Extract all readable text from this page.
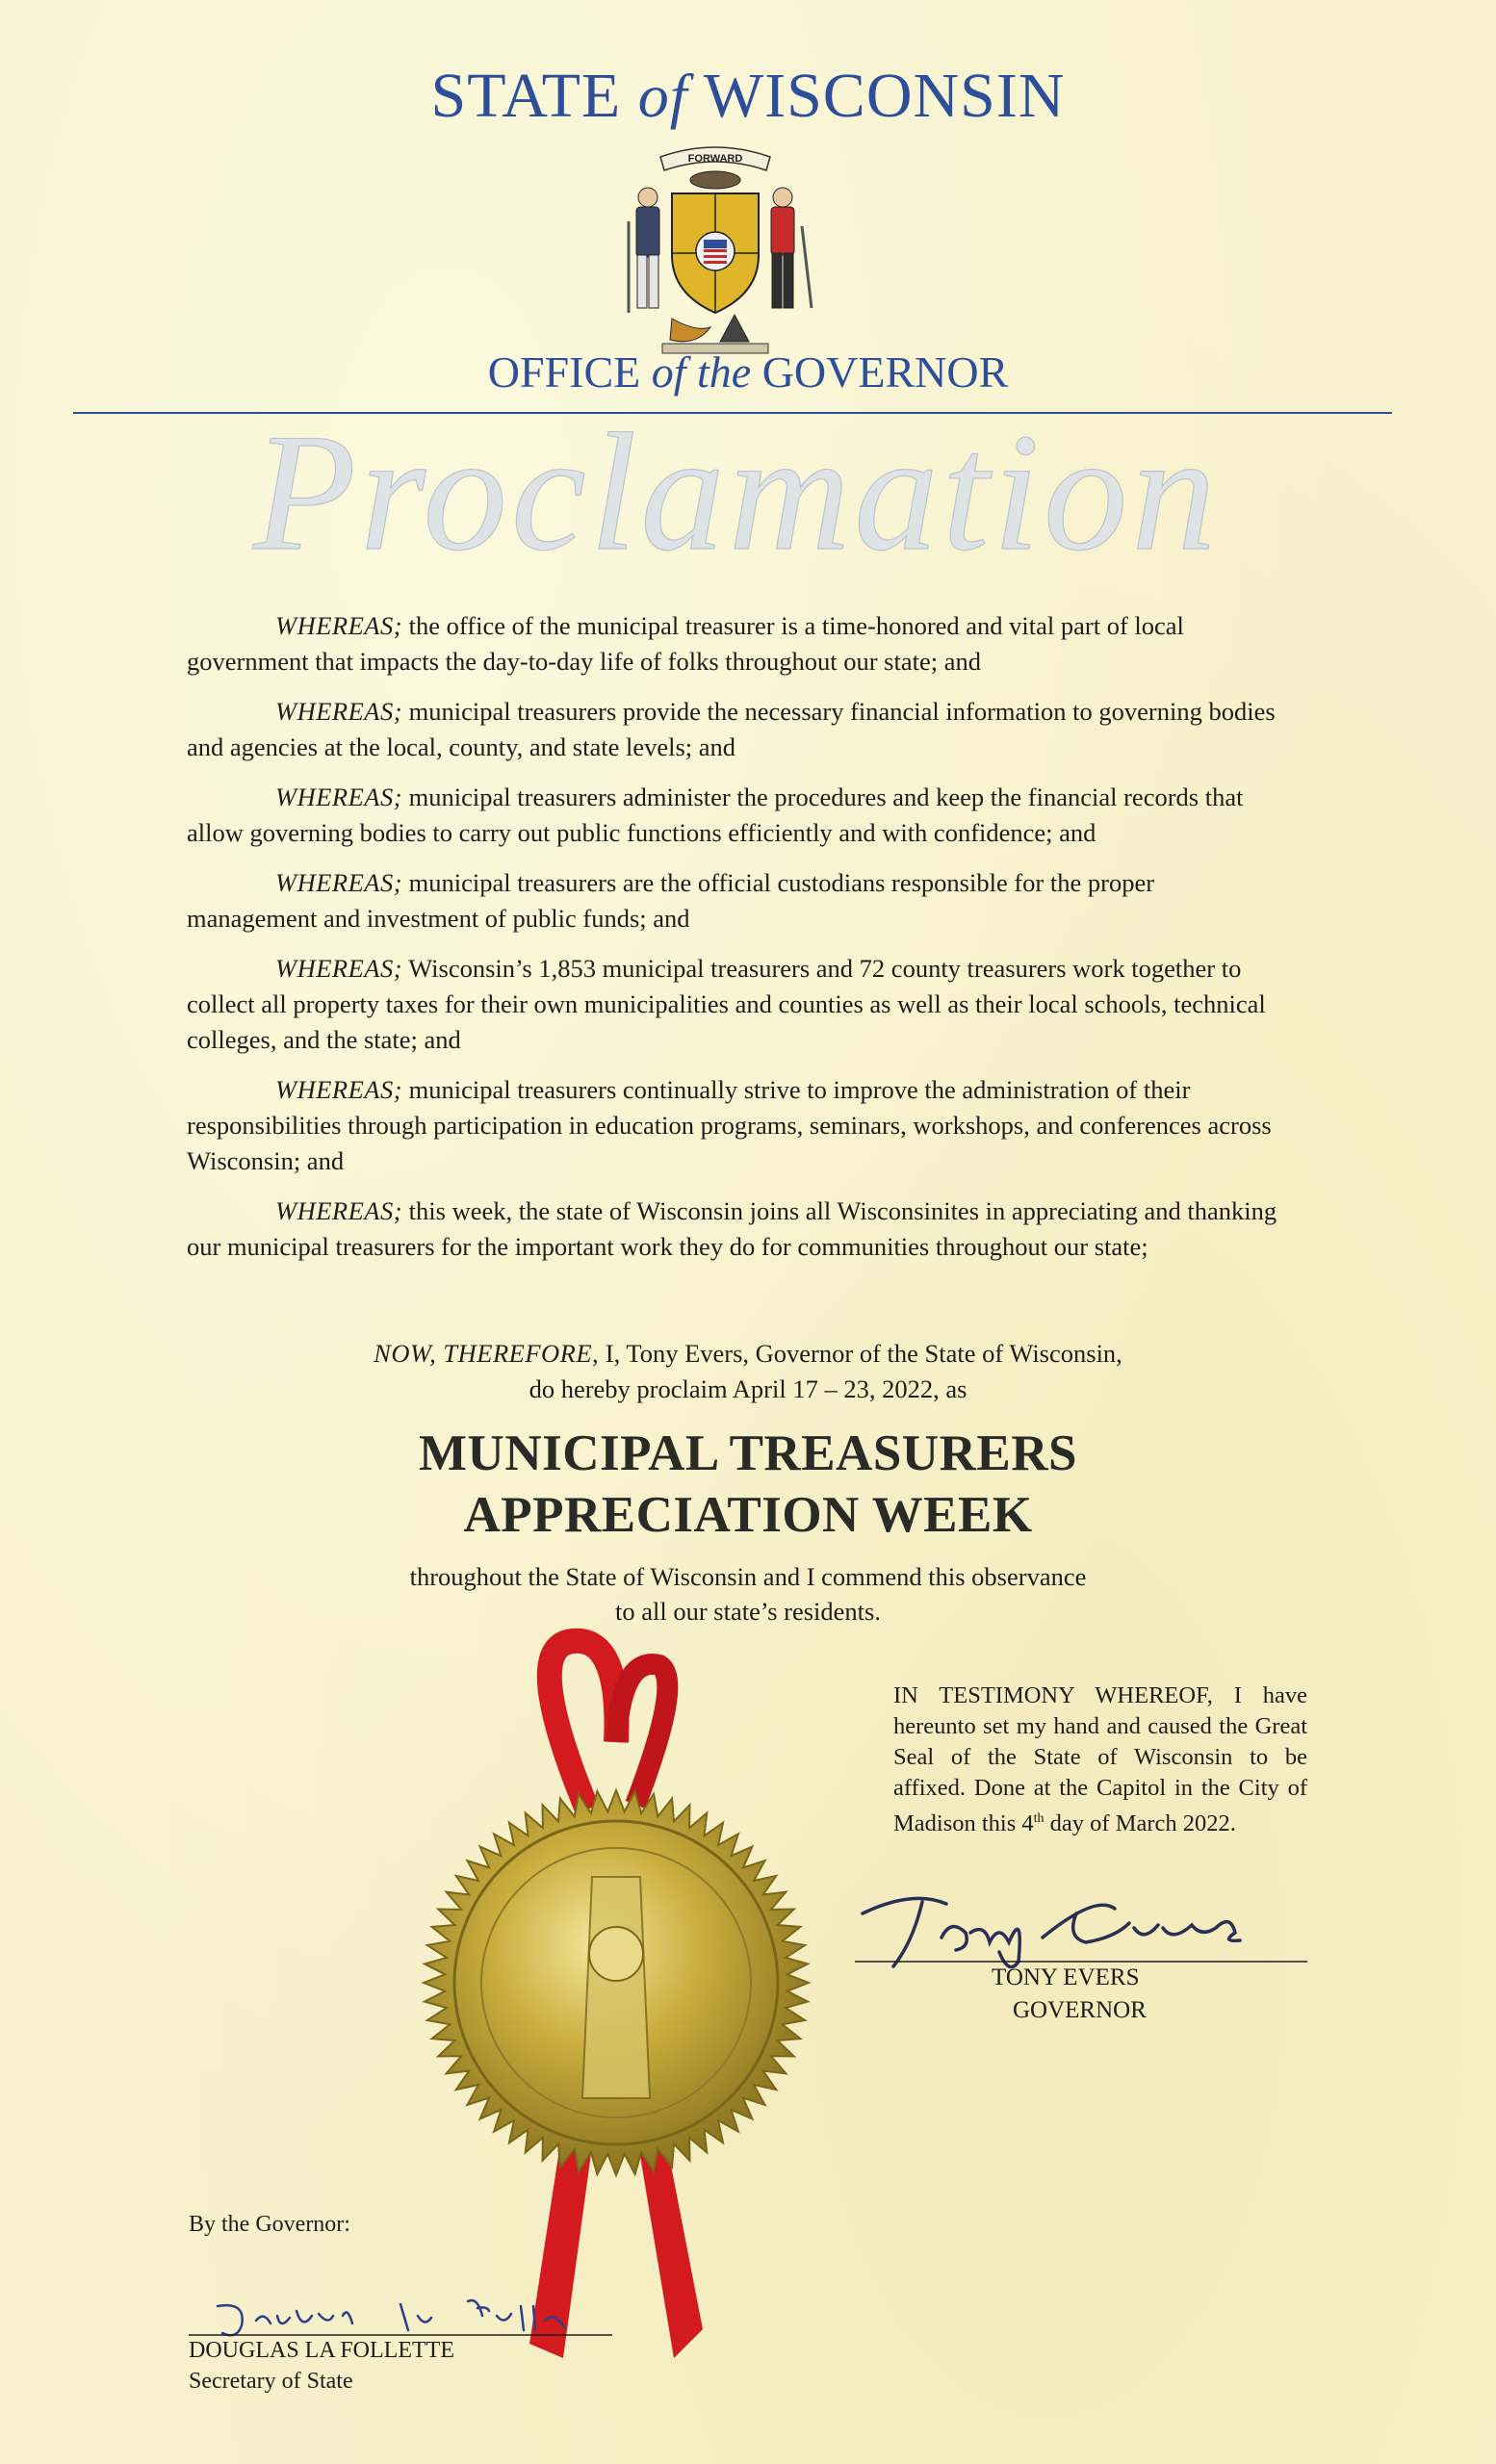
STATE of WISCONSIN
FORWARD
OFFICE of the GOVERNOR
Proclamation

WHEREAS; the office of the municipal treasurer is a time-honored and vital part of local government that impacts the day-to-day life of folks throughout our state; and

WHEREAS; municipal treasurers provide the necessary financial information to governing bodies and agencies at the local, county, and state levels; and

WHEREAS; municipal treasurers administer the procedures and keep the financial records that allow governing bodies to carry out public functions efficiently and with confidence; and

WHEREAS; municipal treasurers are the official custodians responsible for the proper management and investment of public funds; and

WHEREAS; Wisconsin’s 1,853 municipal treasurers and 72 county treasurers work together to collect all property taxes for their own municipalities and counties as well as their local schools, technical colleges, and the state; and

WHEREAS; municipal treasurers continually strive to improve the administration of their responsibilities through participation in education programs, seminars, workshops, and conferences across Wisconsin; and

WHEREAS; this week, the state of Wisconsin joins all Wisconsinites in appreciating and thanking our municipal treasurers for the important work they do for communities throughout our state;

NOW, THEREFORE, I, Tony Evers, Governor of the State of Wisconsin,
do hereby proclaim April 17 – 23, 2022, as
MUNICIPAL TREASURERS
APPRECIATION WEEK
throughout the State of Wisconsin and I commend this observance
to all our state’s residents.
IN TESTIMONY WHEREOF, I have hereunto set my hand and caused the Great Seal of the State of Wisconsin to be affixed. Done at the Capitol in the City of Madison this 4th day of March 2022.
TONY EVERS
GOVERNOR
By the Governor:
DOUGLAS LA FOLLETTE
Secretary of State
